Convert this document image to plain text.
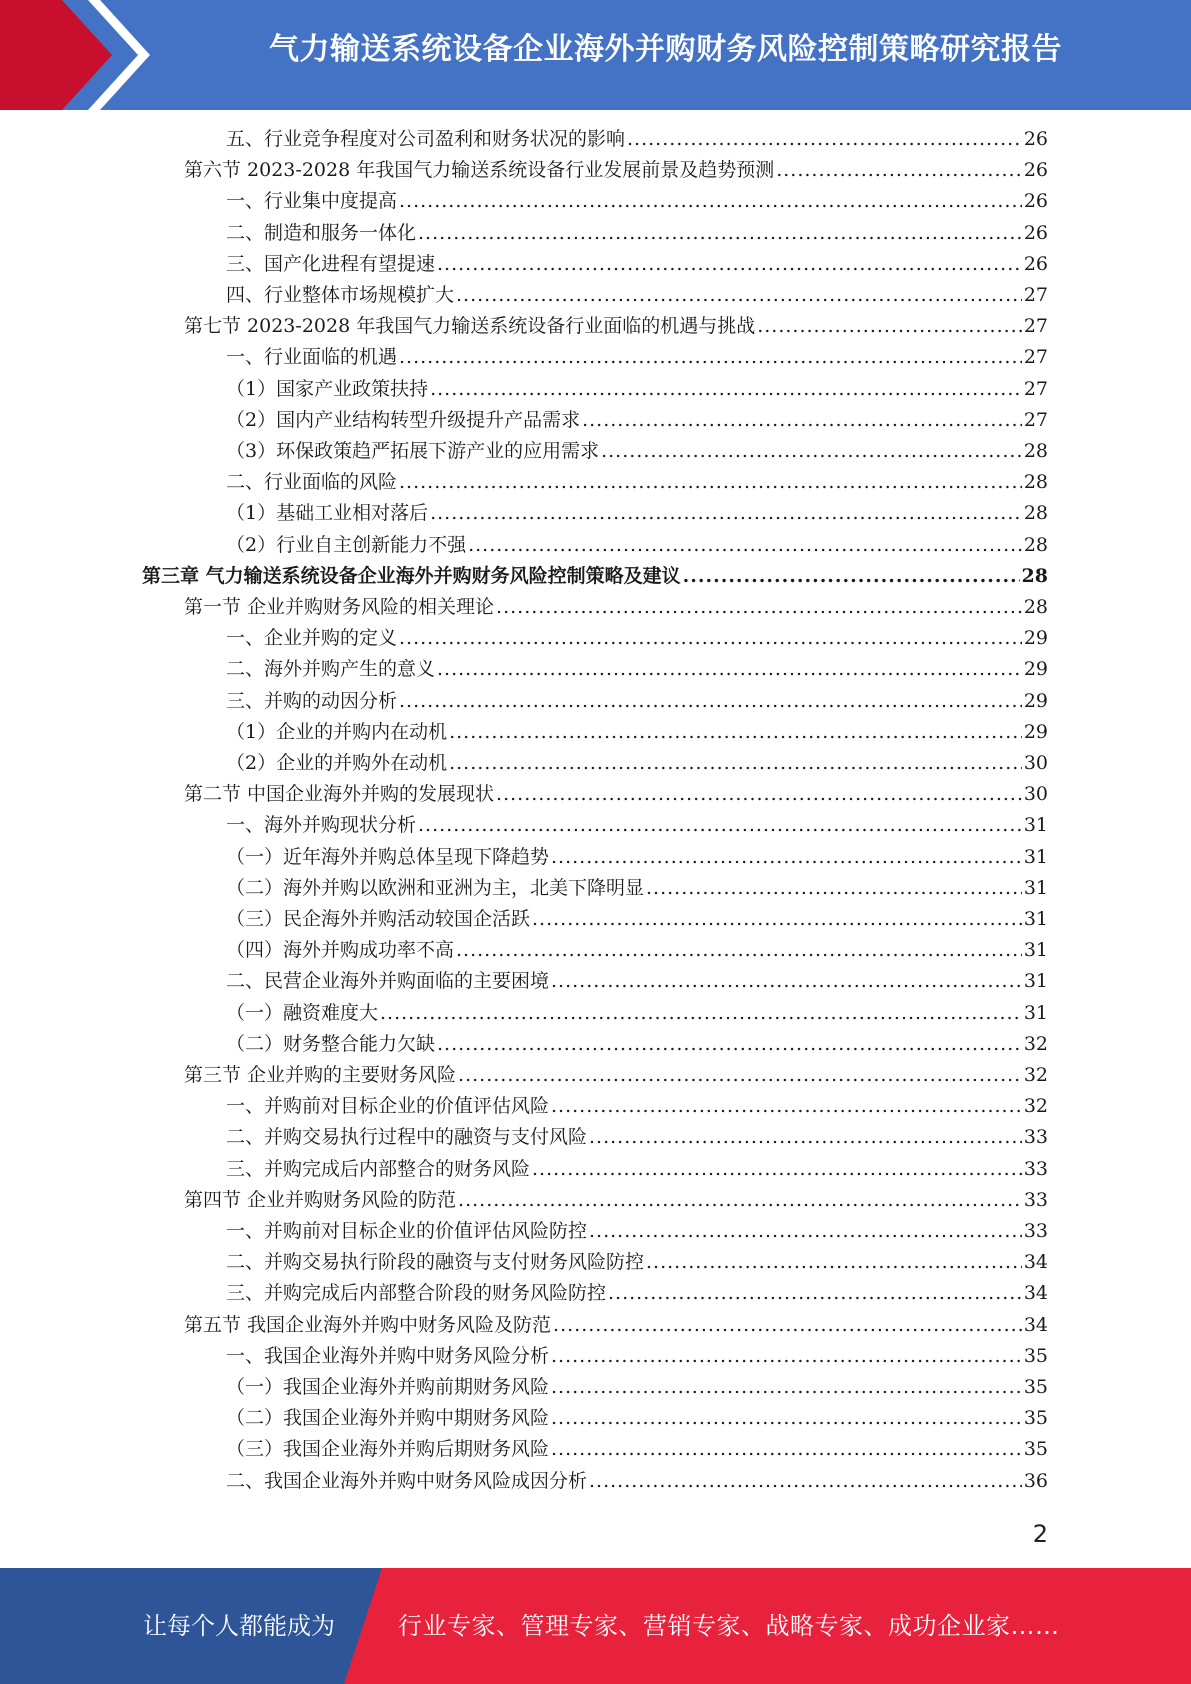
气力输送系统设备企业海外并购财务风险控制策略研究报告
五、行业竞争程度对公司盈利和财务状况的影响 .....	26
第六节 2023-2028 年我国气力输送系统设备行业发展前景及趋势预测 .....	26
一、行业集中度提高 .....	26
二、制造和服务一体化 .....	26
三、国产化进程有望提速 .....	26
四、行业整体市场规模扩大 .....	27
第七节 2023-2028 年我国气力输送系统设备行业面临的机遇与挑战 .....	27
一、行业面临的机遇 .....	27
（1）国家产业政策扶持 .....	27
（2）国内产业结构转型升级提升产品需求 .....	27
（3）环保政策趋严拓展下游产业的应用需求 .....	28
二、行业面临的风险 .....	28
（1）基础工业相对落后 .....	28
（2）行业自主创新能力不强 .....	28
第三章 气力输送系统设备企业海外并购财务风险控制策略及建议 .....	28
第一节 企业并购财务风险的相关理论 .....	28
一、企业并购的定义 .....	29
二、海外并购产生的意义 .....	29
三、并购的动因分析 .....	29
（1）企业的并购内在动机 .....	29
（2）企业的并购外在动机 .....	30
第二节 中国企业海外并购的发展现状 .....	30
一、海外并购现状分析 .....	31
（一）近年海外并购总体呈现下降趋势 .....	31
（二）海外并购以欧洲和亚洲为主，北美下降明显 .....	31
（三）民企海外并购活动较国企活跃 .....	31
（四）海外并购成功率不高 .....	31
二、民营企业海外并购面临的主要困境 .....	31
（一）融资难度大 .....	31
（二）财务整合能力欠缺 .....	32
第三节 企业并购的主要财务风险 .....	32
一、并购前对目标企业的价值评估风险 .....	32
二、并购交易执行过程中的融资与支付风险 .....	33
三、并购完成后内部整合的财务风险 .....	33
第四节 企业并购财务风险的防范 .....	33
一、并购前对目标企业的价值评估风险防控 .....	33
二、并购交易执行阶段的融资与支付财务风险防控 .....	34
三、并购完成后内部整合阶段的财务风险防控 .....	34
第五节 我国企业海外并购中财务风险及防范 .....	34
一、我国企业海外并购中财务风险分析 .....	35
（一）我国企业海外并购前期财务风险 .....	35
（二）我国企业海外并购中期财务风险 .....	35
（三）我国企业海外并购后期财务风险 .....	35
二、我国企业海外并购中财务风险成因分析 .....	36
2
让每个人都能成为	行业专家、管理专家、营销专家、战略专家、成功企业家……
